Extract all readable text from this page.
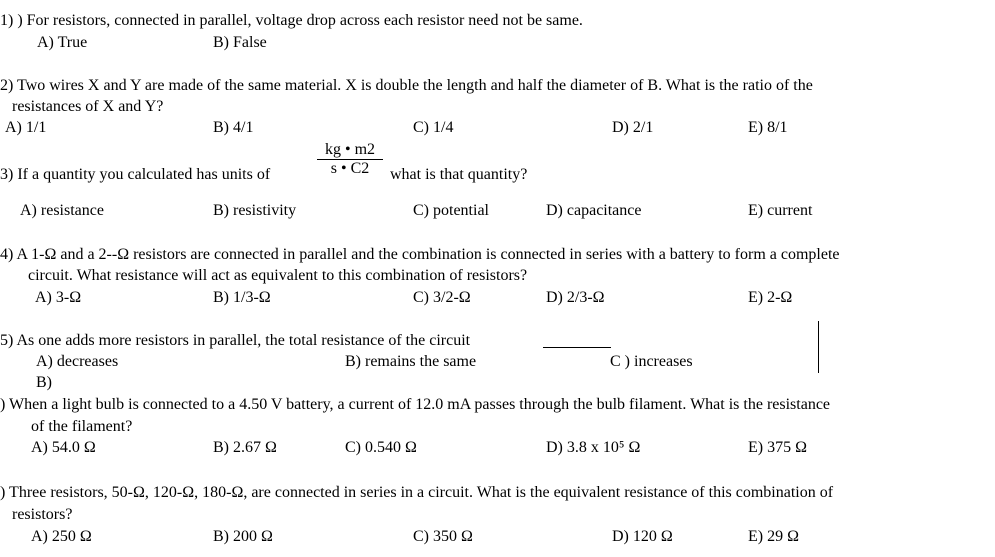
1) ) For resistors, connected in parallel, voltage drop across each resistor need not be same.
A) True	B) False
2) Two wires X and Y are made of the same material. X is double the length and half the diameter of B. What is the ratio of the
resistances of X and Y?
A) 1/1	B) 4/1	C) 1/4	D) 2/1	E) 8/1
3) If a quantity you calculated has units of
kg • m2
s • C2	what is that quantity?
A) resistance	B) resistivity	C) potential	D) capacitance	E) current
4) A 1-Ω and a 2--Ω resistors are connected in parallel and the combination is connected in series with a battery to form a complete
circuit. What resistance will act as equivalent to this combination of resistors?
A) 3-Ω	B) 1/3-Ω	C) 3/2-Ω	D) 2/3-Ω	E) 2-Ω
5) As one adds more resistors in parallel, the total resistance of the circuit
A) decreases	B) remains the same	C ) increases
B)
) When a light bulb is connected to a 4.50 V battery, a current of 12.0 mA passes through the bulb filament. What is the resistance
of the filament?
A) 54.0 Ω	B) 2.67 Ω	C) 0.540 Ω	D) 3.8 x 10⁵ Ω	E) 375 Ω
) Three resistors, 50-Ω, 120-Ω, 180-Ω, are connected in series in a circuit. What is the equivalent resistance of this combination of
resistors?
A) 250 Ω	B) 200 Ω	C) 350 Ω	D) 120 Ω	E) 29 Ω
